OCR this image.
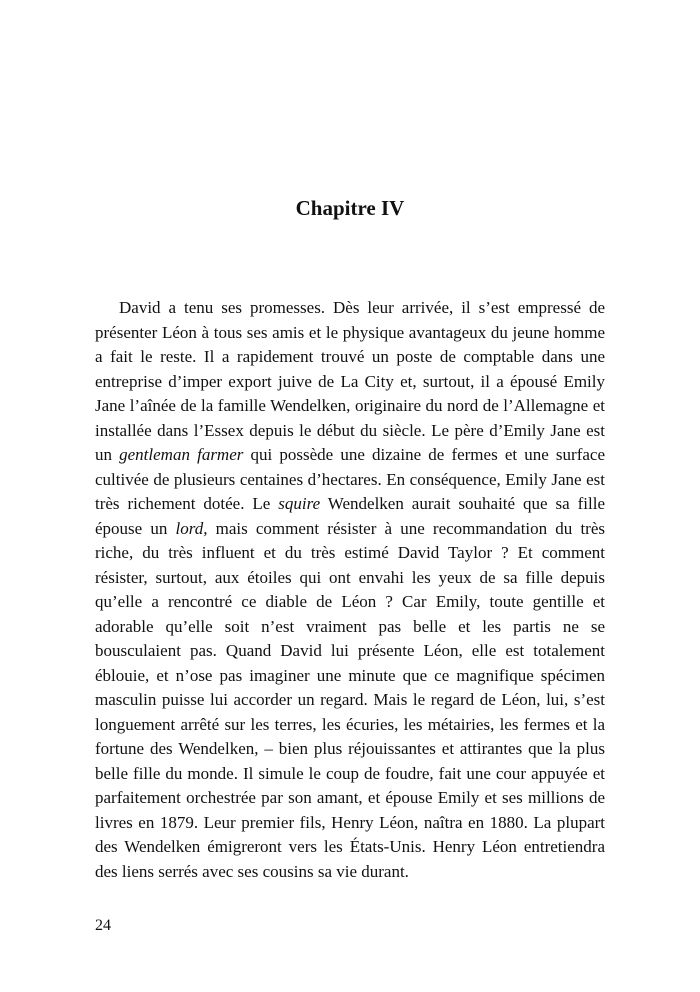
Chapitre IV

David a tenu ses promesses. Dès leur arrivée, il s’est empressé de présenter Léon à tous ses amis et le physique avantageux du jeune homme a fait le reste. Il a rapidement trouvé un poste de comptable dans une entreprise d’imper export juive de La City et, surtout, il a épousé Emily Jane l’aînée de la famille Wendelken, originaire du nord de l’Allemagne et installée dans l’Essex depuis le début du siècle. Le père d’Emily Jane est un gentleman farmer qui possède une dizaine de fermes et une surface cultivée de plusieurs centaines d’hectares. En conséquence, Emily Jane est très richement dotée. Le squire Wendelken aurait souhaité que sa fille épouse un lord, mais comment résister à une recommandation du très riche, du très influent et du très estimé David Taylor ? Et comment résister, surtout, aux étoiles qui ont envahi les yeux de sa fille depuis qu’elle a rencontré ce diable de Léon ? Car Emily, toute gentille et adorable qu’elle soit n’est vraiment pas belle et les partis ne se bousculaient pas. Quand David lui présente Léon, elle est totalement éblouie, et n’ose pas imaginer une minute que ce magnifique spécimen masculin puisse lui accorder un regard. Mais le regard de Léon, lui, s’est longuement arrêté sur les terres, les écuries, les métairies, les fermes et la fortune des Wendelken, – bien plus réjouissantes et attirantes que la plus belle fille du monde. Il simule le coup de foudre, fait une cour appuyée et parfaitement orchestrée par son amant, et épouse Emily et ses millions de livres en 1879. Leur premier fils, Henry Léon, naîtra en 1880. La plupart des Wendelken émigreront vers les États-Unis. Henry Léon entretiendra des liens serrés avec ses cousins sa vie durant.

24
